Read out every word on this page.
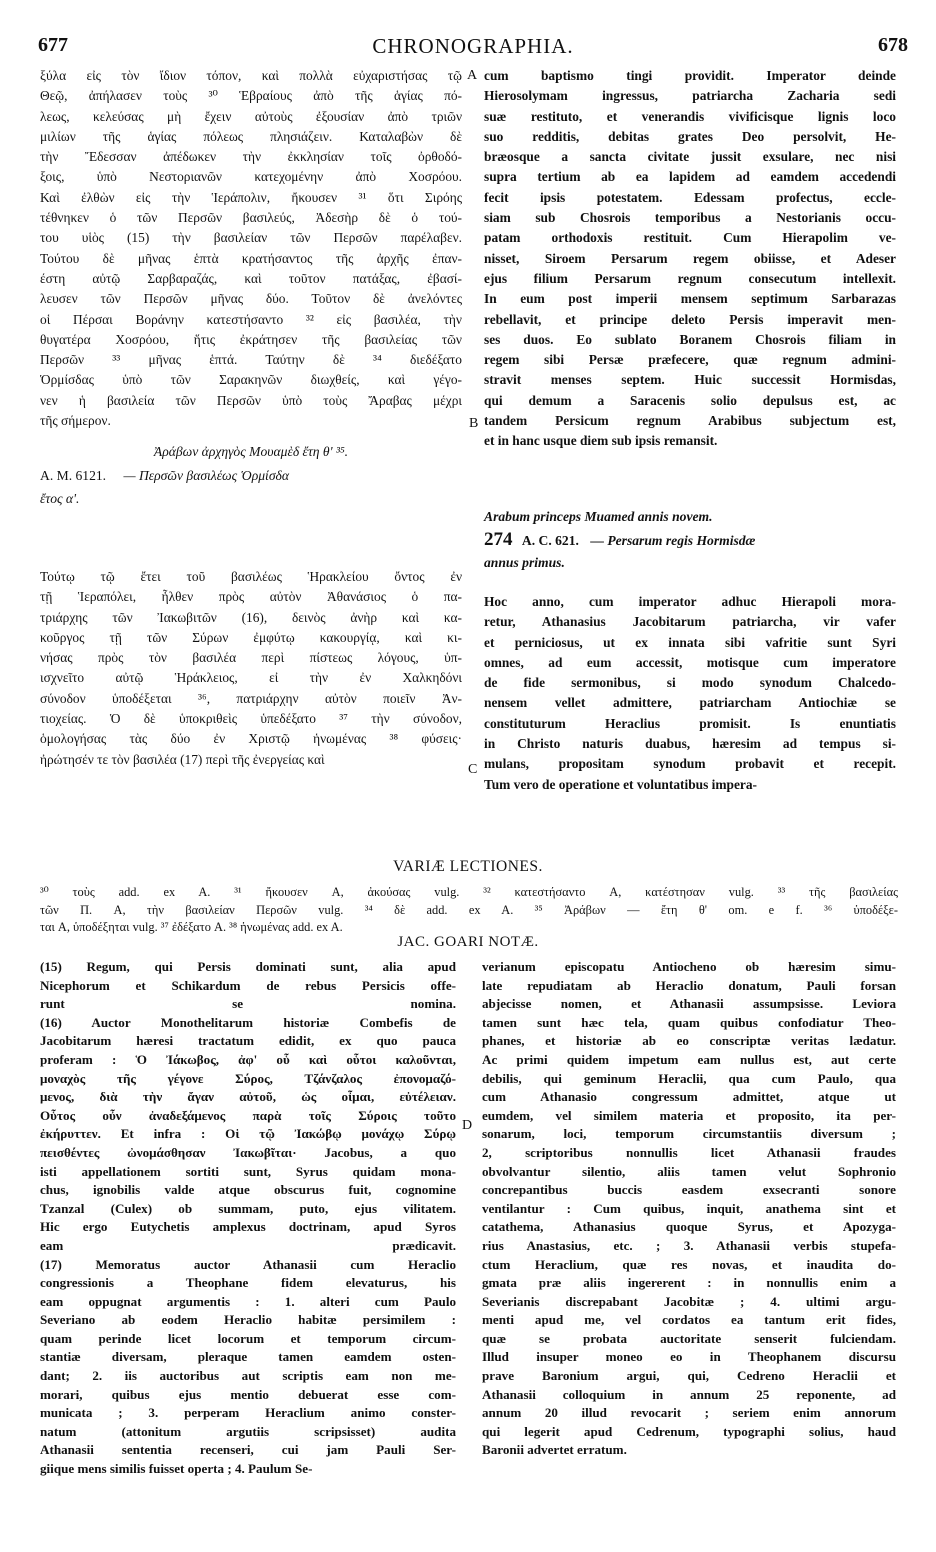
677	CHRONOGRAPHIA.	678
ξύλα εἰς τὸν ἴδιον τόπον, καὶ πολλὰ εὐχαριστήσας τῷ
Θεῷ, ἀπήλασεν τοὺς ³⁰ Ἑβραίους ἀπὸ τῆς ἁγίας πό-
λεως, κελεύσας μὴ ἔχειν αὐτοὺς ἐξουσίαν ἀπὸ τριῶν
μιλίων τῆς ἁγίας πόλεως πλησιάζειν. Καταλαβὼν δὲ
τὴν Ἔδεσσαν ἀπέδωκεν τὴν ἐκκλησίαν τοῖς ὀρθοδό-
ξοις, ὑπὸ Νεστοριανῶν κατεχομένην ἀπὸ Χοσρόου.
Καὶ ἐλθὼν εἰς τὴν Ἱεράπολιν, ἤκουσεν ³¹ ὅτι Σιρόης
τέθνηκεν ὁ τῶν Περσῶν βασιλεύς, Ἀδεσὴρ δὲ ὁ τού-
του υἱὸς (15) τὴν βασιλείαν τῶν Περσῶν παρέλαβεν.
Τούτου δὲ μῆνας ἑπτὰ κρατήσαντος τῆς ἀρχῆς ἐπαν-
έστη αὐτῷ Σαρβαραζάς, καὶ τοῦτον πατάξας, ἐβασί-
λευσεν τῶν Περσῶν μῆνας δύο. Τοῦτον δὲ ἀνελόντες
οἱ Πέρσαι Βοράνην κατεστήσαντο ³² εἰς βασιλέα, τὴν
θυγατέρα Χοσρόου, ἥτις ἐκράτησεν τῆς βασιλείας τῶν
Περσῶν ³³ μῆνας ἑπτά. Ταύτην δὲ ³⁴ διεδέξατο
Ὁρμίσδας ὑπὸ τῶν Σαρακηνῶν διωχθείς, καὶ γέγο-
νεν ἡ βασιλεία τῶν Περσῶν ὑπὸ τοὺς Ἄραβας μέχρι
τῆς σήμερον.
Τούτῳ τῷ ἔτει τοῦ βασιλέως Ἡρακλείου ὄντος ἐν
τῇ Ἱεραπόλει, ἦλθεν πρὸς αὐτὸν Ἀθανάσιος ὁ πα-
τριάρχης τῶν Ἰακωβιτῶν (16), δεινὸς ἀνὴρ καὶ κα-
κοῦργος τῇ τῶν Σύρων ἐμφύτῳ κακουργίᾳ, καὶ κι-
νήσας πρὸς τὸν βασιλέα περὶ πίστεως λόγους, ὑπ-
ισχνεῖτο αὐτῷ Ἡράκλειος, εἰ τὴν ἐν Χαλκηδόνι
σύνοδον ὑποδέξεται ³⁶, πατριάρχην αὐτὸν ποιεῖν Ἀν-
τιοχείας. Ὁ δὲ ὑποκριθεὶς ὑπεδέξατο ³⁷ τὴν σύνοδον,
ὁμολογήσας τὰς δύο ἐν Χριστῷ ἡνωμένας ³⁸ φύσεις·
ἠρώτησέν τε τὸν βασιλέα (17) περὶ τῆς ἐνεργείας καὶ
Ἀράβων ἀρχηγὸς Μουαμὲδ ἔτη θ' ³⁵.
Α. Μ. 6121. — Περσῶν βασιλέως Ὁρμίσδα
ἔτος α'.
cum baptismo tingi providit. Imperator deinde
Hierosolymam ingressus, patriarcha Zacharia sedi
suæ restituto, et venerandis vivificisque lignis loco
suo redditis, debitas grates Deo persolvit, He-
bræosque a sancta civitate jussit exsulare, nec nisi
supra tertium ab ea lapidem ad eamdem accedendi
fecit ipsis potestatem. Edessam profectus, eccle-
siam sub Chosrois temporibus a Nestorianis occu-
patam orthodoxis restituit. Cum Hierapolim ve-
nisset, Siroem Persarum regem obiisse, et Adeser
ejus filium Persarum regnum consecutum intellexit.
In eum post imperii mensem septimum Sarbarazas
rebellavit, et principe deleto Persis imperavit men-
ses duos. Eo sublato Boranem Chosrois filiam in
regem sibi Persæ præfecere, quæ regnum admini-
stravit menses septem. Huic successit Hormisdas,
qui demum a Saracenis solio depulsus est, ac
tandem Persicum regnum Arabibus subjectum est,
et in hanc usque diem sub ipsis remansit.
Hoc anno, cum imperator adhuc Hierapoli mora-
retur, Athanasius Jacobitarum patriarcha, vir vafer
et perniciosus, ut ex innata sibi vafritie sunt Syri
omnes, ad eum accessit, motisque cum imperatore
de fide sermonibus, si modo synodum Chalcedo-
nensem vellet admittere, patriarcham Antiochiæ se
constituturum Heraclius promisit. Is enuntiatis
in Christo naturis duabus, hæresim ad tempus si-
mulans, propositam synodum probavit et recepit.
Tum vero de operatione et voluntatibus impera-
Arabum princeps Muamed annis novem.
274 A. C. 621. — Persarum regis Hormisdæ
annus primus.
A
B
C
D
VARIÆ LECTIONES.
³⁰ τοὺς add. ex A. ³¹ ἤκουσεν A, ἀκούσας vulg. ³² κατεστήσαντο A, κατέστησαν vulg. ³³ τῆς βασιλείας
τῶν Π. A, τὴν βασιλείαν Περσῶν vulg. ³⁴ δὲ add. ex A. ³⁵ Ἀράβων — ἔτη θ' om. e f. ³⁶ ὑποδέξε-
ται A, ὑποδέξηται vulg. ³⁷ ἐδέξατο A. ³⁸ ἡνωμένας add. ex A.
JAC. GOARI NOTÆ.
(15) Regum, qui Persis dominati sunt, alia apud
Nicephorum et Schikardum de rebus Persicis offe-
runt se nomina.
(16) Auctor Monothelitarum historiæ Combefis de
Jacobitarum hæresi tractatum edidit, ex quo pauca
proferam : Ὁ Ἰάκωβος, ἀφ' οὗ καὶ οὗτοι καλοῦνται,
μοναχὸς τῆς γέγονε Σύρος, Τζάνζαλος ἐπονομαζό-
μενος, διὰ τὴν ἄγαν αὐτοῦ, ὡς οἶμαι, εὐτέλειαν.
Οὗτος οὖν ἀναδεξάμενος παρὰ τοῖς Σύροις τοῦτο
ἐκήρυττεν. Et infra : Οἱ τῷ Ἰακώβῳ μονάχῳ Σύρῳ
πεισθέντες ὠνομάσθησαν Ἰακωβῖται· Jacobus, a quo
isti appellationem sortiti sunt, Syrus quidam mona-
chus, ignobilis valde atque obscurus fuit, cognomine
Tzanzal (Culex) ob summam, puto, ejus vilitatem.
Hic ergo Eutychetis amplexus doctrinam, apud Syros
eam prædicavit.
(17) Memoratus auctor Athanasii cum Heraclio
congressionis a Theophane fidem elevaturus, his
eam oppugnat argumentis : 1. alteri cum Paulo
Severiano ab eodem Heraclio habitæ persimilem :
quam perinde licet locorum et temporum circum-
stantiæ diversam, pleraque tamen eamdem osten-
dant; 2. iis auctoribus aut scriptis eam non me-
morari, quibus ejus mentio debuerat esse com-
municata ; 3. perperam Heraclium animo conster-
natum (attonitum argutiis scripsisset) audita
Athanasii sententia recenseri, cui jam Pauli Ser-
giique mens similis fuisset operta ; 4. Paulum Se-
verianum episcopatu Antiocheno ob hæresim simu-
late repudiatam ab Heraclio donatum, Pauli forsan
abjecisse nomen, et Athanasii assumpsisse. Leviora
tamen sunt hæc tela, quam quibus confodiatur Theo-
phanes, et historiæ ab eo conscriptæ veritas lædatur.
Ac primi quidem impetum eam nullus est, aut certe
debilis, qui geminum Heraclii, qua cum Paulo, qua
cum Athanasio congressum admittet, atque ut
eumdem, vel similem materia et proposito, ita per-
sonarum, loci, temporum circumstantiis diversum ;
2, scriptoribus nonnullis licet Athanasii fraudes
obvolvantur silentio, aliis tamen velut Sophronio
concrepantibus buccis easdem exsecranti sonore
ventilantur : Cum quibus, inquit, anathema sint et
catathema, Athanasius quoque Syrus, et Apozyga-
rius Anastasius, etc. ; 3. Athanasii verbis stupefa-
ctum Heraclium, quæ res novas, et inaudita do-
gmata præ aliis ingererent : in nonnullis enim a
Severianis discrepabant Jacobitæ ; 4. ultimi argu-
menti apud me, vel cordatos ea tantum erit fides,
quæ se probata auctoritate senserit fulciendam.
Illud insuper moneo eo in Theophanem discursu
prave Baronium argui, qui, Cedreno Heraclii et
Athanasii colloquium in annum 25 reponente, ad
annum 20 illud revocarit ; seriem enim annorum
qui legerit apud Cedrenum, typographi solius, haud
Baronii advertet erratum.
